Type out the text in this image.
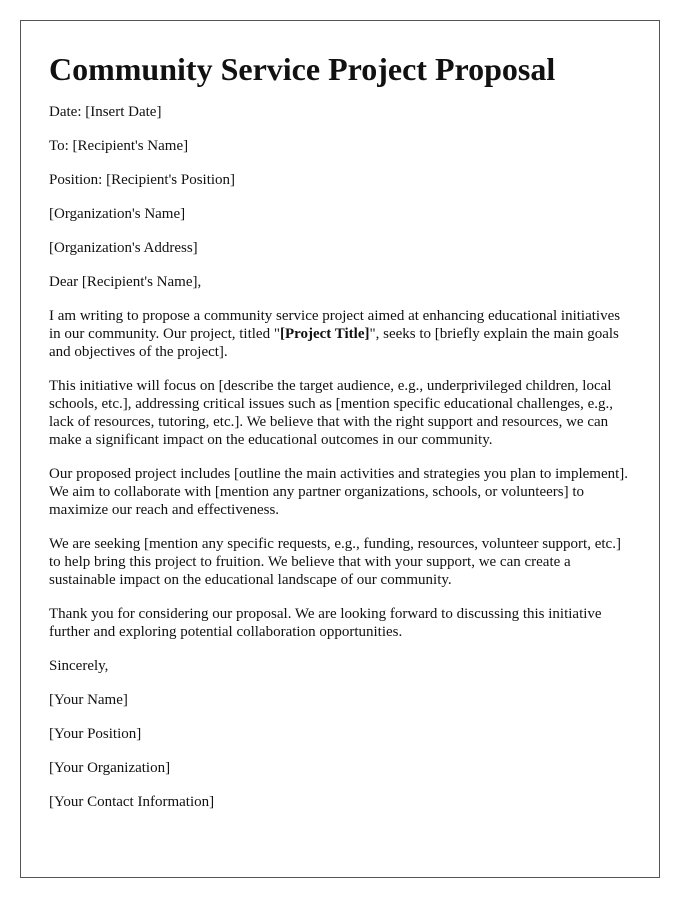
Community Service Project Proposal

Date: [Insert Date]

To: [Recipient's Name]

Position: [Recipient's Position]

[Organization's Name]

[Organization's Address]

Dear [Recipient's Name],

I am writing to propose a community service project aimed at enhancing educational initiatives in our community. Our project, titled "[Project Title]", seeks to [briefly explain the main goals and objectives of the project].

This initiative will focus on [describe the target audience, e.g., underprivileged children, local schools, etc.], addressing critical issues such as [mention specific educational challenges, e.g., lack of resources, tutoring, etc.]. We believe that with the right support and resources, we can make a significant impact on the educational outcomes in our community.

Our proposed project includes [outline the main activities and strategies you plan to implement]. We aim to collaborate with [mention any partner organizations, schools, or volunteers] to maximize our reach and effectiveness.

We are seeking [mention any specific requests, e.g., funding, resources, volunteer support, etc.] to help bring this project to fruition. We believe that with your support, we can create a sustainable impact on the educational landscape of our community.

Thank you for considering our proposal. We are looking forward to discussing this initiative further and exploring potential collaboration opportunities.

Sincerely,

[Your Name]

[Your Position]

[Your Organization]

[Your Contact Information]
